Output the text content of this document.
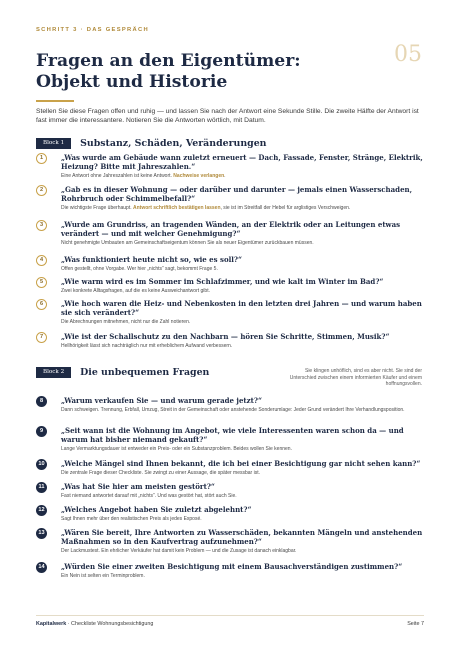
SCHRITT 3 · DAS GESPRÄCH
05
Fragen an den Eigentümer: Objekt und Historie

Stellen Sie diese Fragen offen und ruhig — und lassen Sie nach der Antwort eine Sekunde Stille. Die zweite Hälfte der Antwort ist fast immer die interessantere. Notieren Sie die Antworten wörtlich, mit Datum.

Block 1	Substanz, Schäden, Veränderungen
1	„Was wurde am Gebäude wann zuletzt erneuert — Dach, Fassade, Fenster, Stränge, Elektrik, Heizung? Bitte mit Jahreszahlen.“
Eine Antwort ohne Jahreszahlen ist keine Antwort. Nachweise verlangen.
2	„Gab es in dieser Wohnung — oder darüber und darunter — jemals einen Wasserschaden, Rohrbruch oder Schimmelbefall?“
Die wichtigste Frage überhaupt. Antwort schriftlich bestätigen lassen, sie ist im Streitfall der Hebel für arglistiges Verschweigen.
3	„Wurde am Grundriss, an tragenden Wänden, an der Elektrik oder an Leitungen etwas verändert — und mit welcher Genehmigung?“
Nicht genehmigte Umbauten am Gemeinschaftseigentum können Sie als neuer Eigentümer zurückbauen müssen.
4	„Was funktioniert heute nicht so, wie es soll?“
Offen gestellt, ohne Vorgabe. Wer hier „nichts“ sagt, bekommt Frage 5.
5	„Wie warm wird es im Sommer im Schlafzimmer, und wie kalt im Winter im Bad?“
Zwei konkrete Alltagsfragen, auf die es keine Ausweichantwort gibt.
6	„Wie hoch waren die Heiz- und Nebenkosten in den letzten drei Jahren — und warum haben sie sich verändert?“
Die Abrechnungen mitnehmen, nicht nur die Zahl notieren.
7	„Wie ist der Schallschutz zu den Nachbarn — hören Sie Schritte, Stimmen, Musik?“
Hellhörigkeit lässt sich nachträglich nur mit erheblichem Aufwand verbessern.
Block 2	Die unbequemen Fragen	Sie klingen unhöflich, sind es aber nicht. Sie sind der Unterschied zwischen einem informierten Käufer und einem hoffnungsvollen.
8	„Warum verkaufen Sie — und warum gerade jetzt?“
Dann schweigen. Trennung, Erbfall, Umzug, Streit in der Gemeinschaft oder anstehende Sonderumlage: Jeder Grund verändert Ihre Verhandlungsposition.
9	„Seit wann ist die Wohnung im Angebot, wie viele Interessenten waren schon da — und warum hat bisher niemand gekauft?“
Lange Vermarktungsdauer ist entweder ein Preis- oder ein Substanzproblem. Beides wollen Sie kennen.
10	„Welche Mängel sind Ihnen bekannt, die ich bei einer Besichtigung gar nicht sehen kann?“
Die zentrale Frage dieser Checkliste. Sie zwingt zu einer Aussage, die später messbar ist.
11	„Was hat Sie hier am meisten gestört?“
Fast niemand antwortet darauf mit „nichts“. Und was gestört hat, stört auch Sie.
12	„Welches Angebot haben Sie zuletzt abgelehnt?“
Sagt Ihnen mehr über den realistischen Preis als jedes Exposé.
13	„Wären Sie bereit, Ihre Antworten zu Wasserschäden, bekannten Mängeln und anstehenden Maßnahmen so in den Kaufvertrag aufzunehmen?“
Der Lackmustest. Ein ehrlicher Verkäufer hat damit kein Problem — und die Zusage ist danach einklagbar.
14	„Würden Sie einer zweiten Besichtigung mit einem Bausachverständigen zustimmen?“
Ein Nein ist selten ein Terminproblem.
Kapitalwerk · Checkliste Wohnungsbesichtigung	Seite 7
